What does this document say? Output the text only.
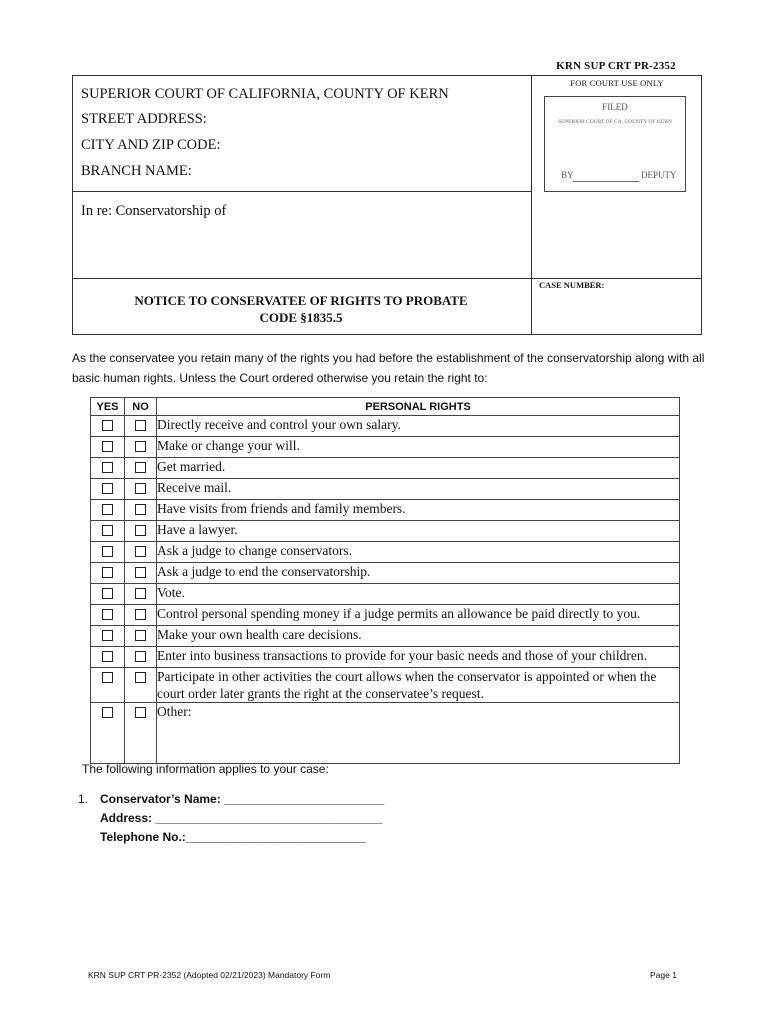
KRN SUP CRT PR-2352
SUPERIOR COURT OF CALIFORNIA, COUNTY OF KERN
STREET ADDRESS:
CITY AND ZIP CODE:
BRANCH NAME:
In re: Conservatorship of
NOTICE TO CONSERVATEE OF RIGHTS TO PROBATE
CODE §1835.5
FOR COURT USE ONLY
FILED
SUPERIOR COURT OF CA, COUNTY OF KERN
BY	DEPUTY
CASE NUMBER:
As the conservatee you retain many of the rights you had before the establishment of the conservatorship along with all basic human rights. Unless the Court ordered otherwise you retain the right to:
YES	NO	PERSONAL RIGHTS
		Directly receive and control your own salary.
		Make or change your will.
		Get married.
		Receive mail.
		Have visits from friends and family members.
		Have a lawyer.
		Ask a judge to change conservators.
		Ask a judge to end the conservatorship.
		Vote.
		Control personal spending money if a judge permits an allowance be paid directly to you.
		Make your own health care decisions.
		Enter into business transactions to provide for your basic needs and those of your children.
		Participate in other activities the court allows when the conservator is appointed or when the court order later grants the right at the conservatee’s request.
		Other:
The following information applies to your case:
1. Conservator’s Name: ________________________
Address: __________________________________
Telephone No.:___________________________
KRN SUP CRT PR-2352 (Adopted 02/21/2023) Mandatory Form	Page 1
